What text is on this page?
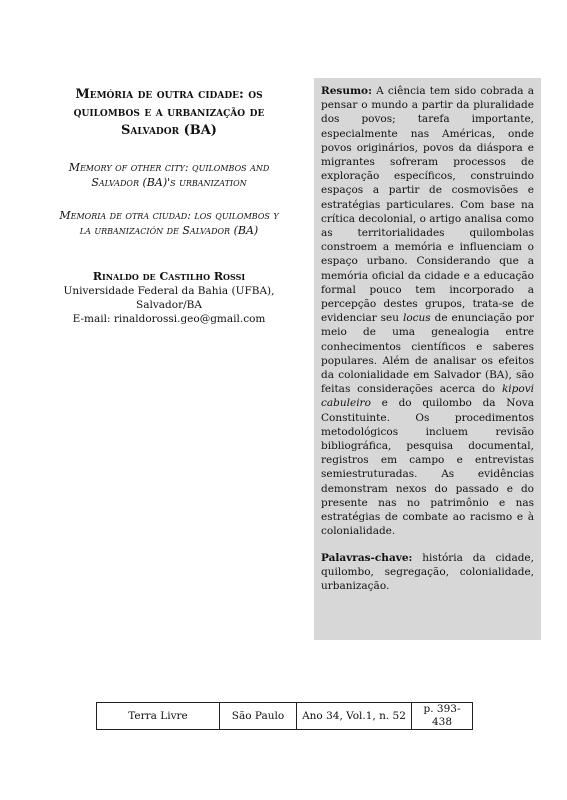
Memória de outra cidade: os quilombos e a urbanização de Salvador (BA)

Memory of other city: quilombos and Salvador (BA)'s urbanization

Memoria de otra ciudad: los quilombos y la urbanización de Salvador (BA)

Rinaldo de Castilho Rossi
Universidade Federal da Bahia (UFBA),
Salvador/BA
E-mail: rinaldorossi.geo@gmail.com

Resumo: A ciência tem sido cobrada a pensar o mundo a partir da pluralidade dos povos; tarefa importante, especialmente nas Américas, onde povos originários, povos da diáspora e migrantes sofreram processos de exploração específicos, construindo espaços a partir de cosmovisões e estratégias particulares. Com base na crítica decolonial, o artigo analisa como as territorialidades quilombolas constroem a memória e influenciam o espaço urbano. Considerando que a memória oficial da cidade e a educação formal pouco tem incorporado a percepção destes grupos, trata-se de evidenciar seu locus de enunciação por meio de uma genealogia entre conhecimentos científicos e saberes populares. Além de analisar os efeitos da colonialidade em Salvador (BA), são feitas considerações acerca do kipovi cabuleiro e do quilombo da Nova Constituinte. Os procedimentos metodológicos incluem revisão bibliográfica, pesquisa documental, registros em campo e entrevistas semiestruturadas. As evidências demonstram nexos do passado e do presente nas no patrimônio e nas estratégias de combate ao racismo e à colonialidade.

Palavras-chave: história da cidade, quilombo, segregação, colonialidade, urbanização.

Terra Livre	São Paulo	Ano 34, Vol.1, n. 52	p. 393-438
